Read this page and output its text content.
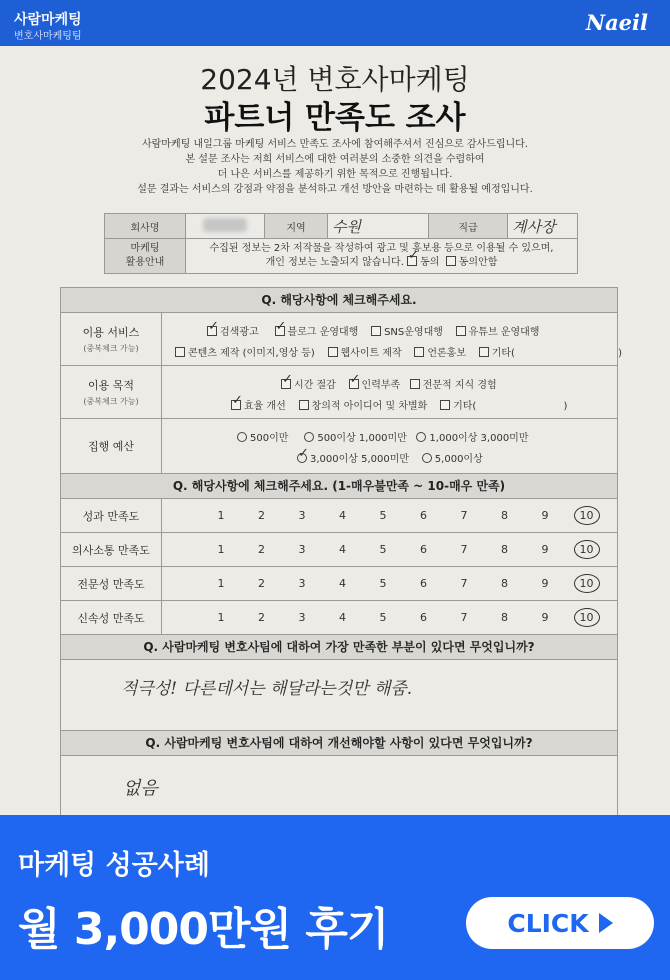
사람마케팅
변호사마케팅팀
Naeil
2024년 변호사마케팅
파트너 만족도 조사
사람마케팅 내일그룹 마케팅 서비스 만족도 조사에 참여해주셔서 진심으로 감사드립니다.
본 설문 조사는 저희 서비스에 대한 여러분의 소중한 의견을 수렴하여
더 나은 서비스를 제공하기 위한 목적으로 진행됩니다.
설문 결과는 서비스의 강점과 약점을 분석하고 개선 방안을 마련하는 데 활용될 예정입니다.
회사명		지역	수원	직급	계사장
마케팅
활용안내	수집된 정보는 2차 저작물을 작성하여 광고 및 홍보용 등으로 이용될 수 있으며,
개인 정보는 노출되지 않습니다. ✓ 동의 동의안함
Q. 해당사항에 체크해주세요.
이용 서비스
(중복체크 가능)
✓검색광고 ✓	블로그 운영대행	SNS운영대행	유튜브 운영대행
콘텐츠 제작 (이미지,영상 등)	웹사이트 제작	언론홍보	기타(	)
이용 목적
(중복체크 가능)
✓시간 절감 ✓	인력부족 전문적 지식 경험
✓효율 개선	창의적 아이디어 및 차별화	기타(	)
집행 예산
500이만	500이상 1,000미만 1,000이상 3,000미만
✓3,000이상 5,000미만	5,000이상
Q. 해당사항에 체크해주세요. (1-매우불만족 ~ 10-매우 만족)
성과 만족도	1	2	3	4	5	6	7	8	9	10
의사소통 만족도	1	2	3	4	5	6	7	8	9	10
전문성 만족도	1	2	3	4	5	6	7	8	9	10
신속성 만족도	1	2	3	4	5	6	7	8	9	10
Q. 사람마케팅 변호사팀에 대하여 가장 만족한 부분이 있다면 무엇입니까?
적극성! 다른데서는 해달라는것만 해줌.
Q. 사람마케팅 변호사팀에 대하여 개선해야할 사항이 있다면 무엇입니까?
없음
마케팅 성공사례
월 3,000만원 후기	CLICK
